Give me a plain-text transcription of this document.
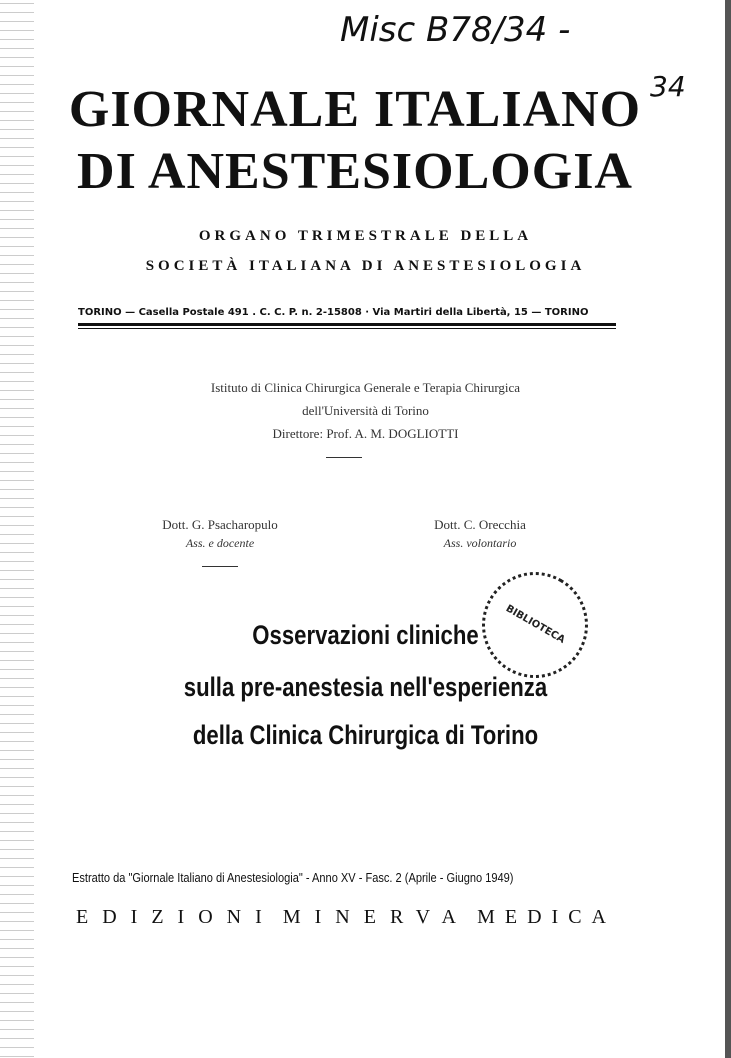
Misc B78/34 -
34
GIORNALE ITALIANO
DI ANESTESIOLOGIA
ORGANO TRIMESTRALE DELLA
SOCIETÀ ITALIANA DI ANESTESIOLOGIA
TORINO — Casella Postale 491 . C. C. P. n. 2-15808 · Via Martiri della Libertà, 15 — TORINO
Istituto di Clinica Chirurgica Generale e Terapia Chirurgica
dell'Università di Torino
Direttore: Prof. A. M. DOGLIOTTI
Dott. G. Psacharopulo
Ass. e docente
Dott. C. Orecchia
Ass. volontario
BIBLIOTECA
Osservazioni cliniche
sulla pre-anestesia nell'esperienza
della Clinica Chirurgica di Torino
Estratto da "Giornale Italiano di Anestesiologia" - Anno XV - Fasc. 2 (Aprile - Giugno 1949)
EDIZIONI MINERVA MEDICA
